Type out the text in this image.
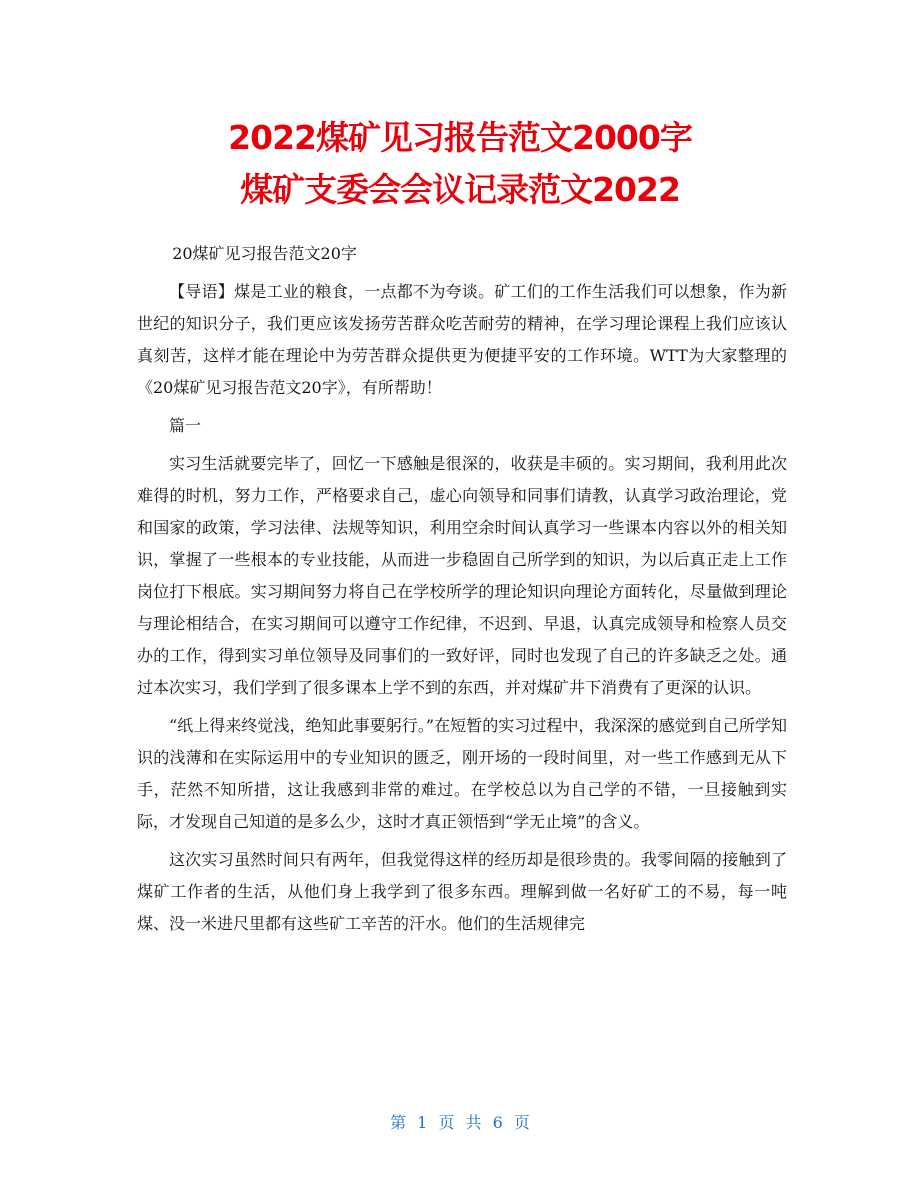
2022煤矿见习报告范文2000字
煤矿支委会会议记录范文2022

20煤矿见习报告范文20字

【导语】煤是工业的粮食，一点都不为夸谈。矿工们的工作生活我们可以想象，作为新世纪的知识分子，我们更应该发扬劳苦群众吃苦耐劳的精神，在学习理论课程上我们应该认真刻苦，这样才能在理论中为劳苦群众提供更为便捷平安的工作环境。WTT为大家整理的《20煤矿见习报告范文20字》，有所帮助！

篇一

实习生活就要完毕了，回忆一下感触是很深的，收获是丰硕的。实习期间，我利用此次难得的时机，努力工作，严格要求自己，虚心向领导和同事们请教，认真学习政治理论，党和国家的政策，学习法律、法规等知识，利用空余时间认真学习一些课本内容以外的相关知识，掌握了一些根本的专业技能，从而进一步稳固自己所学到的知识，为以后真正走上工作岗位打下根底。实习期间努力将自己在学校所学的理论知识向理论方面转化，尽量做到理论与理论相结合，在实习期间可以遵守工作纪律，不迟到、早退，认真完成领导和检察人员交办的工作，得到实习单位领导及同事们的一致好评，同时也发现了自己的许多缺乏之处。通过本次实习，我们学到了很多课本上学不到的东西，并对煤矿井下消费有了更深的认识。

“纸上得来终觉浅，绝知此事要躬行。”在短暂的实习过程中，我深深的感觉到自己所学知识的浅薄和在实际运用中的专业知识的匮乏，刚开场的一段时间里，对一些工作感到无从下手，茫然不知所措，这让我感到非常的难过。在学校总以为自己学的不错，一旦接触到实际，才发现自己知道的是多么少，这时才真正领悟到“学无止境”的含义。

这次实习虽然时间只有两年，但我觉得这样的经历却是很珍贵的。我零间隔的接触到了煤矿工作者的生活，从他们身上我学到了很多东西。理解到做一名好矿工的不易，每一吨煤、没一米进尺里都有这些矿工辛苦的汗水。他们的生活规律完

第 1 页 共 6 页
